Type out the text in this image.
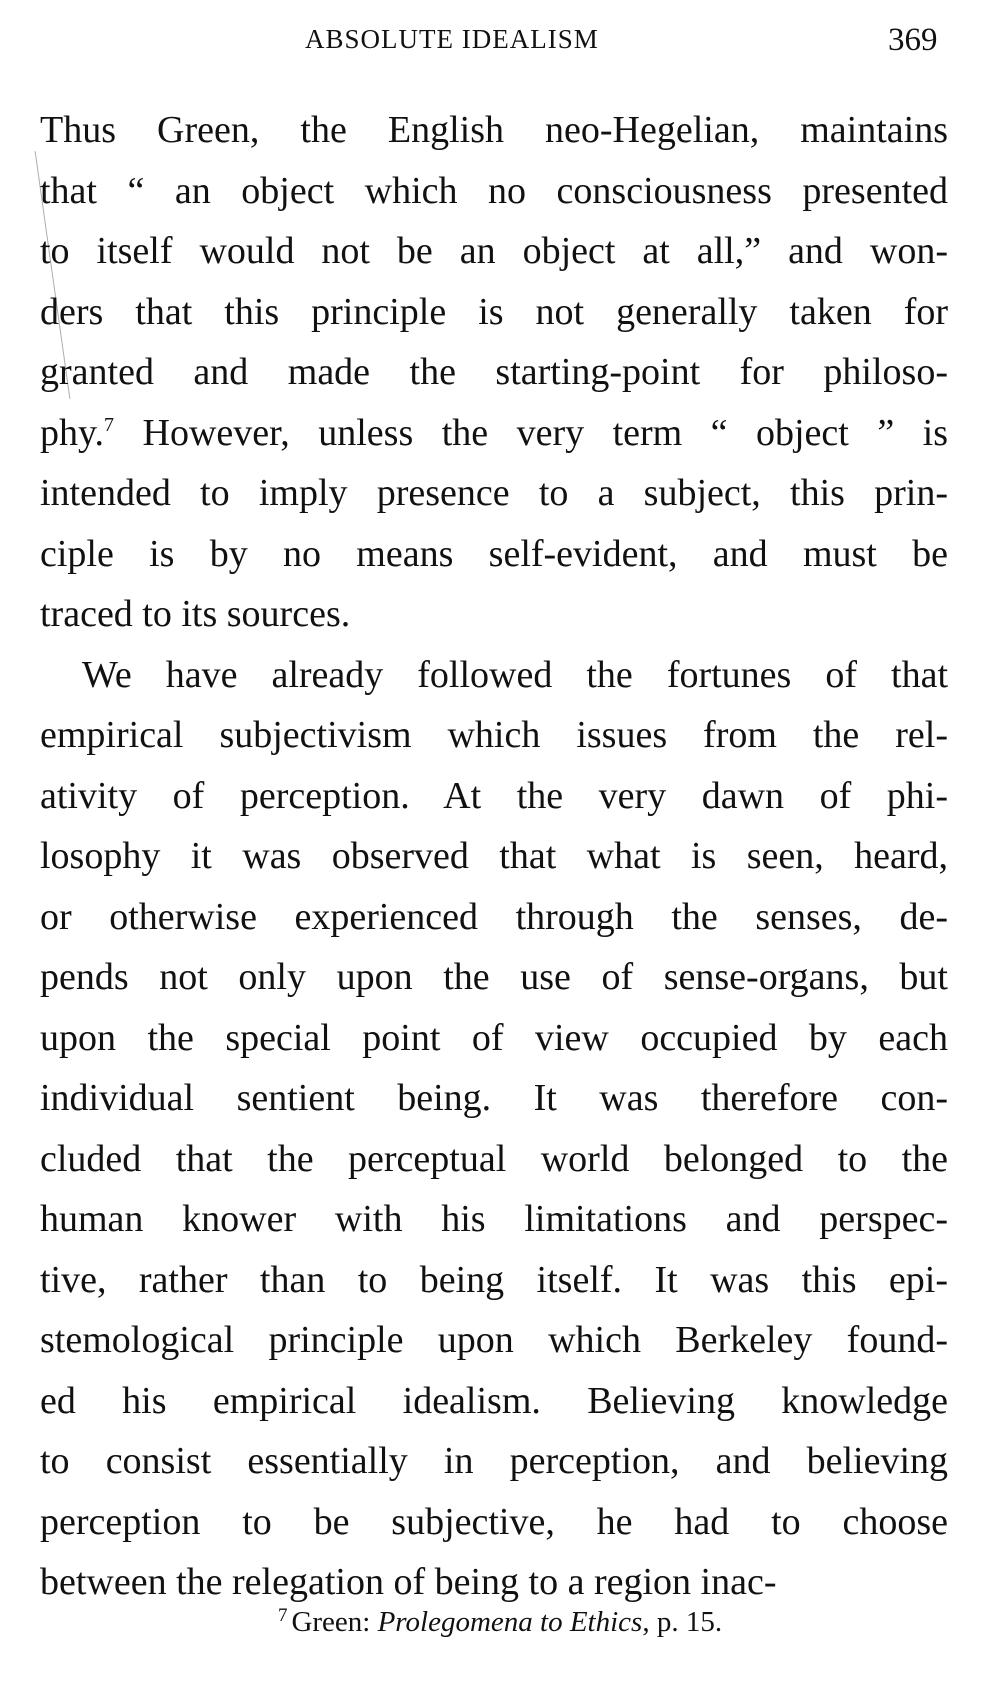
ABSOLUTE IDEALISM	369
Thus Green, the English neo-Hegelian, maintains
that “ an object which no consciousness presented
to itself would not be an object at all,” and won-
ders that this principle is not generally taken for
granted and made the starting-point for philoso-
phy.$^7$ However, unless the very term “ object ” is
intended to imply presence to a subject, this prin-
ciple is by no means self-evident, and must be
traced to its sources.
We have already followed the fortunes of that
empirical subjectivism which issues from the rel-
ativity of perception. At the very dawn of phi-
losophy it was observed that what is seen, heard,
or otherwise experienced through the senses, de-
pends not only upon the use of sense-organs, but
upon the special point of view occupied by each
individual sentient being. It was therefore con-
cluded that the perceptual world belonged to the
human knower with his limitations and perspec-
tive, rather than to being itself. It was this epi-
stemological principle upon which Berkeley found-
ed his empirical idealism. Believing knowledge
to consist essentially in perception, and believing
perception to be subjective, he had to choose
between the relegation of being to a region inac-
$^7$ Green: Prolegomena to Ethics, p. 15.
